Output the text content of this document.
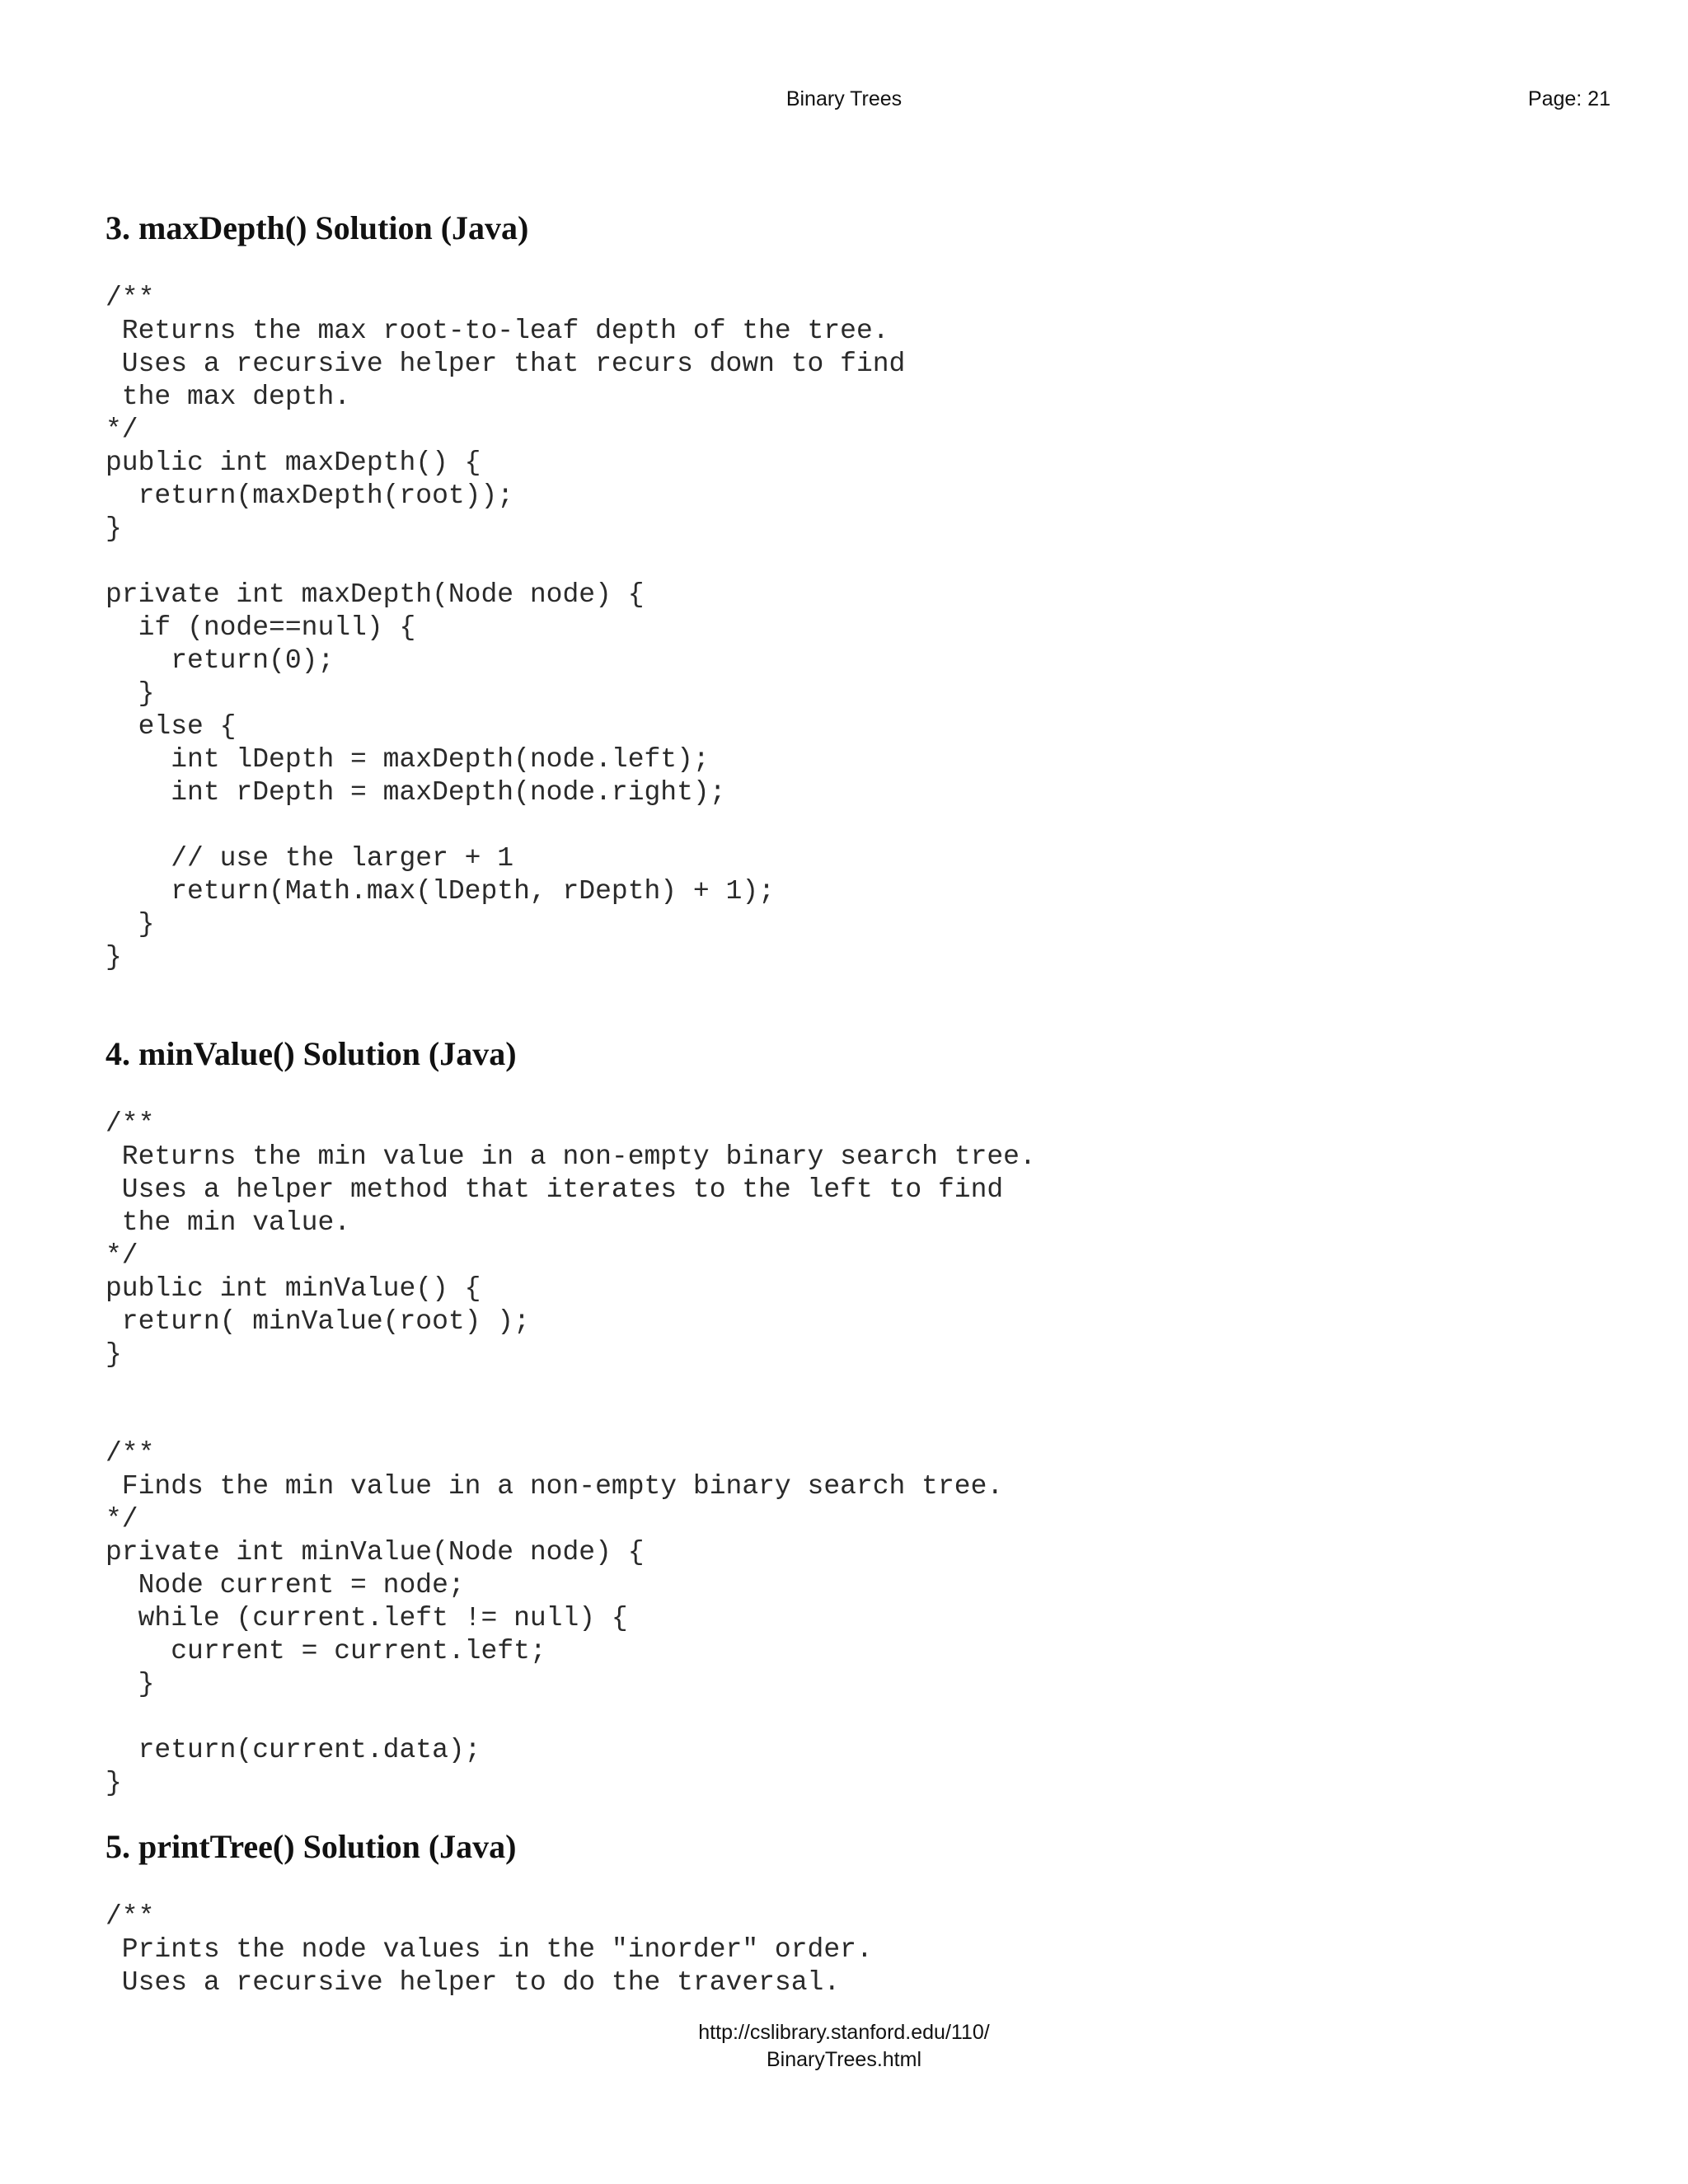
Binary Trees	Page: 21
3. maxDepth() Solution (Java)
/**
Returns the max root-to-leaf depth of the tree.
Uses a recursive helper that recurs down to find
the max depth.
*/
public int maxDepth() {
return(maxDepth(root));
}

private int maxDepth(Node node) {
if (node==null) {
return(0);
}
else {
int lDepth = maxDepth(node.left);
int rDepth = maxDepth(node.right);

// use the larger + 1
return(Math.max(lDepth, rDepth) + 1);
}
}
4. minValue() Solution (Java)
/**
Returns the min value in a non-empty binary search tree.
Uses a helper method that iterates to the left to find
the min value.
*/
public int minValue() {
return( minValue(root) );
}
/**
Finds the min value in a non-empty binary search tree.
*/
private int minValue(Node node) {
Node current = node;
while (current.left != null) {
current = current.left;
}

return(current.data);
}
5. printTree() Solution (Java)
/**
Prints the node values in the "inorder" order.
Uses a recursive helper to do the traversal.
http://cslibrary.stanford.edu/110/
BinaryTrees.html
